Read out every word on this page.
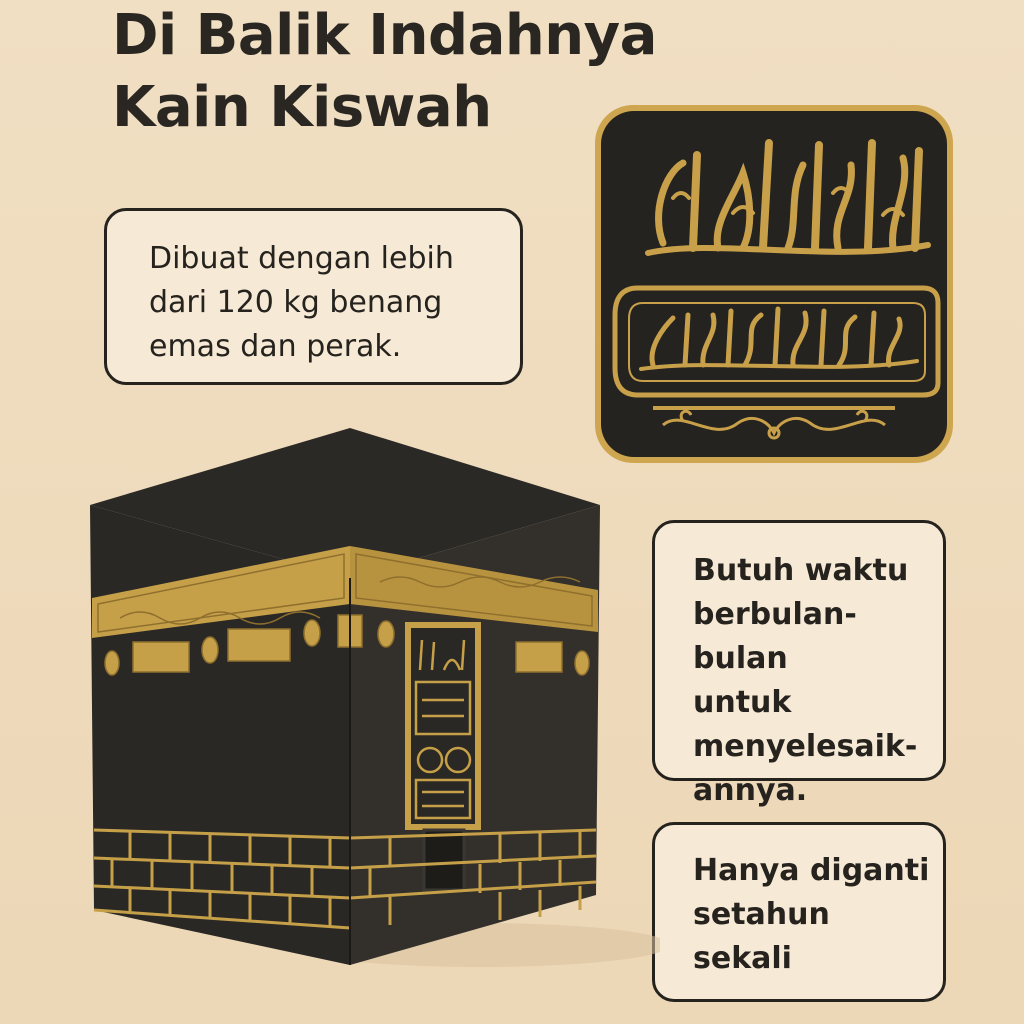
Di Balik Indahnya
Kain Kiswah

Dibuat dengan lebih

dari 120 kg benang

emas dan perak.

Butuh waktu

berbulan-bulan

untuk

menyelesaik-

annya.

Hanya diganti

setahun

sekali
